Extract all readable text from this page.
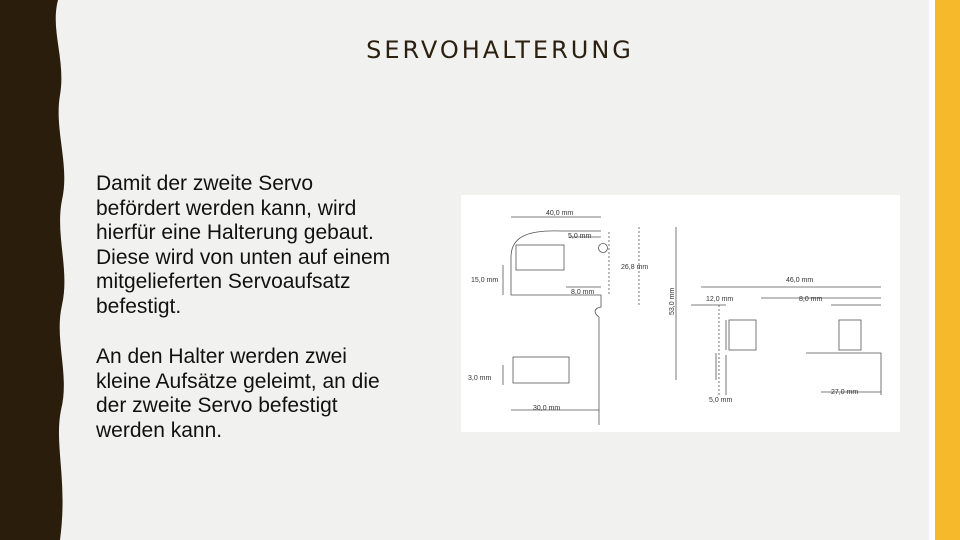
SERVOHALTERUNG

Damit der zweite Servo
befördert werden kann, wird
hierfür eine Halterung gebaut.
Diese wird von unten auf einem
mitgelieferten Servoaufsatz
befestigt.

An den Halter werden zwei
kleine Aufsätze geleimt, an die
der zweite Servo befestigt
werden kann.

40,0 mm
5,0 mm
26,8 mm
15,0 mm
8,0 mm	53,0 mm
46,0 mm
12,0 mm	8,0 mm
3,0 mm
30,0 mm
5,0 mm
27,0 mm
